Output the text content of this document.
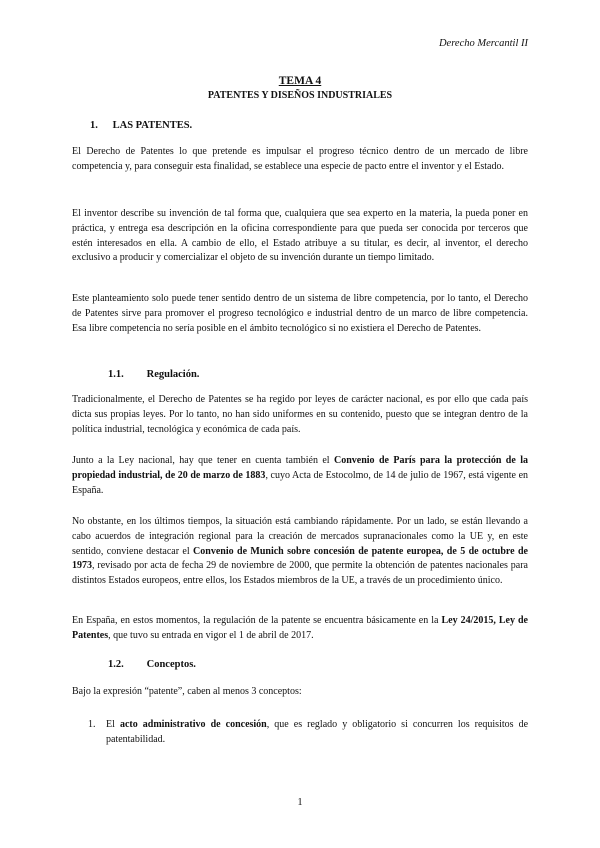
Derecho Mercantil II
TEMA 4
PATENTES Y DISEÑOS INDUSTRIALES
1. LAS PATENTES.

El Derecho de Patentes lo que pretende es impulsar el progreso técnico dentro de un mercado de libre competencia y, para conseguir esta finalidad, se establece una especie de pacto entre el inventor y el Estado.

El inventor describe su invención de tal forma que, cualquiera que sea experto en la materia, la pueda poner en práctica, y entrega esa descripción en la oficina correspondiente para que pueda ser conocida por terceros que estén interesados en ella. A cambio de ello, el Estado atribuye a su titular, es decir, al inventor, el derecho exclusivo a producir y comercializar el objeto de su invención durante un tiempo limitado.

Este planteamiento solo puede tener sentido dentro de un sistema de libre competencia, por lo tanto, el Derecho de Patentes sirve para promover el progreso tecnológico e industrial dentro de un marco de libre competencia. Esa libre competencia no sería posible en el ámbito tecnológico si no existiera el Derecho de Patentes.

1.1. Regulación.

Tradicionalmente, el Derecho de Patentes se ha regido por leyes de carácter nacional, es por ello que cada país dicta sus propias leyes. Por lo tanto, no han sido uniformes en su contenido, puesto que se integran dentro de la política industrial, tecnológica y económica de cada país.

Junto a la Ley nacional, hay que tener en cuenta también el Convenio de París para la protección de la propiedad industrial, de 20 de marzo de 1883, cuyo Acta de Estocolmo, de 14 de julio de 1967, está vigente en España.

No obstante, en los últimos tiempos, la situación está cambiando rápidamente. Por un lado, se están llevando a cabo acuerdos de integración regional para la creación de mercados supranacionales como la UE y, en este sentido, conviene destacar el Convenio de Munich sobre concesión de patente europea, de 5 de octubre de 1973, revisado por acta de fecha 29 de noviembre de 2000, que permite la obtención de patentes nacionales para distintos Estados europeos, entre ellos, los Estados miembros de la UE, a través de un procedimiento único.

En España, en estos momentos, la regulación de la patente se encuentra básicamente en la Ley 24/2015, Ley de Patentes, que tuvo su entrada en vigor el 1 de abril de 2017.

1.2. Conceptos.

Bajo la expresión “patente”, caben al menos 3 conceptos:

1. El acto administrativo de concesión, que es reglado y obligatorio si concurren los requisitos de patentabilidad.
1
